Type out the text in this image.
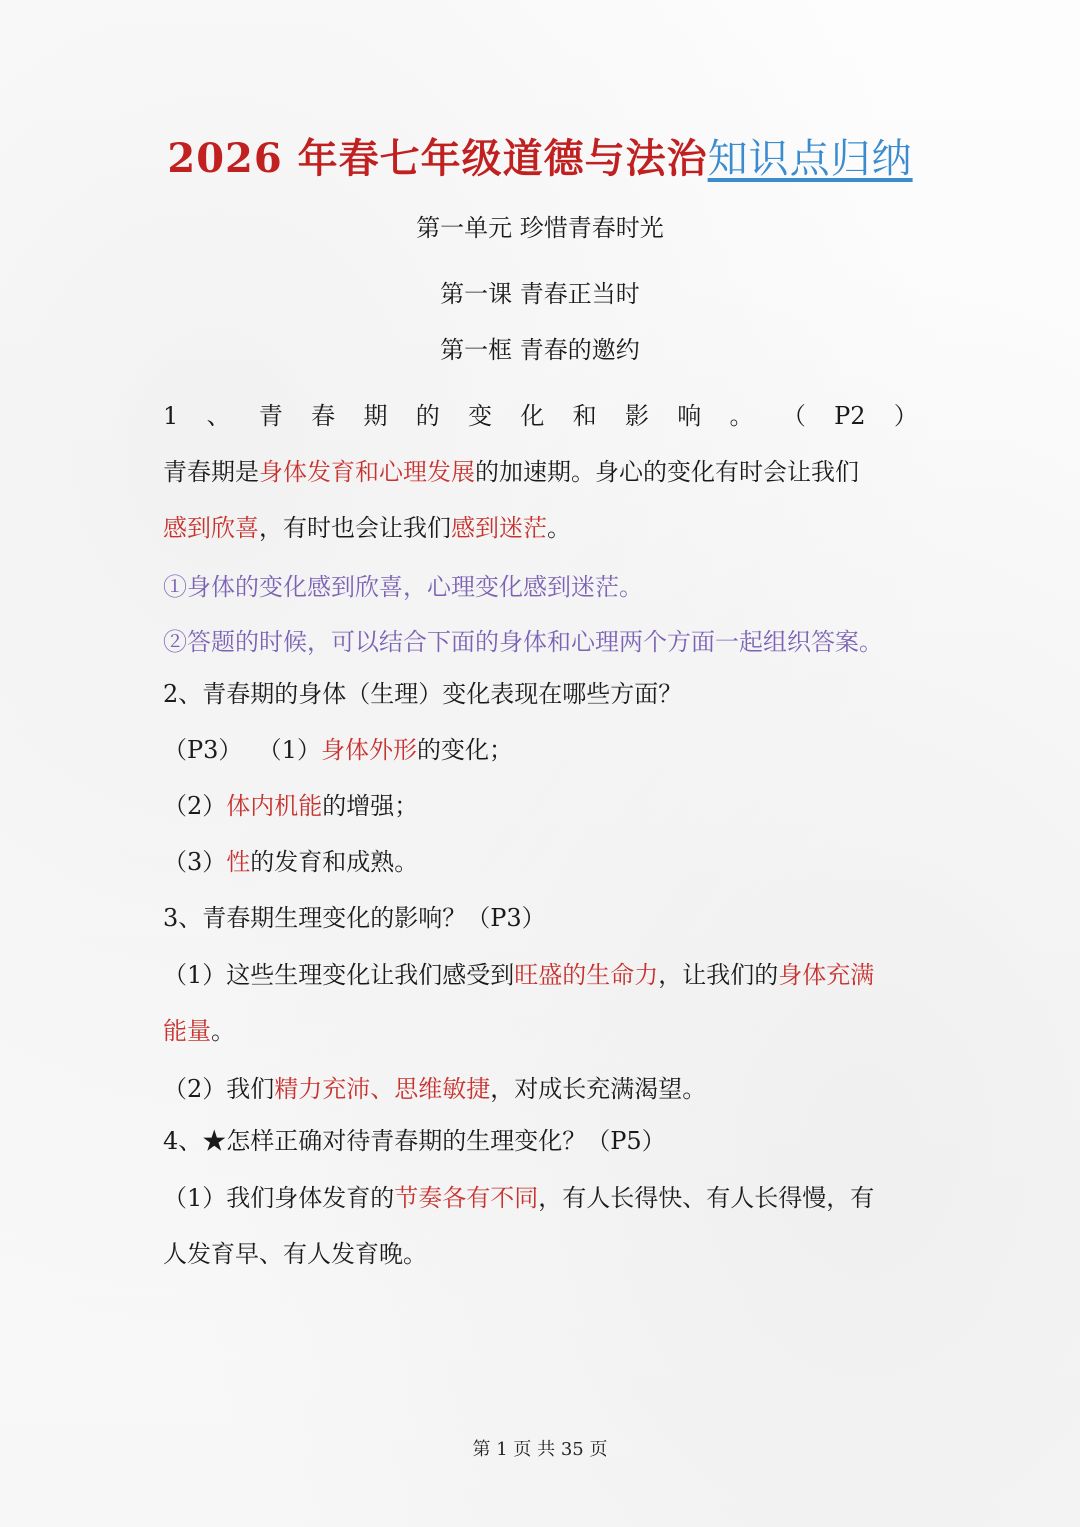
2026 年春七年级道德与法治知识点归纳
第一单元 珍惜青春时光
第一课 青春正当时
第一框 青春的邀约
1 、 青 春 期 的 变 化 和 影 响 。 （ P2 ）
青春期是身体发育和心理发展的加速期。身心的变化有时会让我们
感到欣喜，有时也会让我们感到迷茫。
①身体的变化感到欣喜，心理变化感到迷茫。
②答题的时候，可以结合下面的身体和心理两个方面一起组织答案。
2、青春期的身体（生理）变化表现在哪些方面？
（P3）  （1）身体外形的变化；
（2）体内机能的增强；
（3）性的发育和成熟。
3、青春期生理变化的影响？（P3）
（1）这些生理变化让我们感受到旺盛的生命力，让我们的身体充满
能量。
（2）我们精力充沛、思维敏捷，对成长充满渴望。
4、★怎样正确对待青春期的生理变化？（P5）
（1）我们身体发育的节奏各有不同，有人长得快、有人长得慢，有
人发育早、有人发育晚。
第 1 页 共 35 页
